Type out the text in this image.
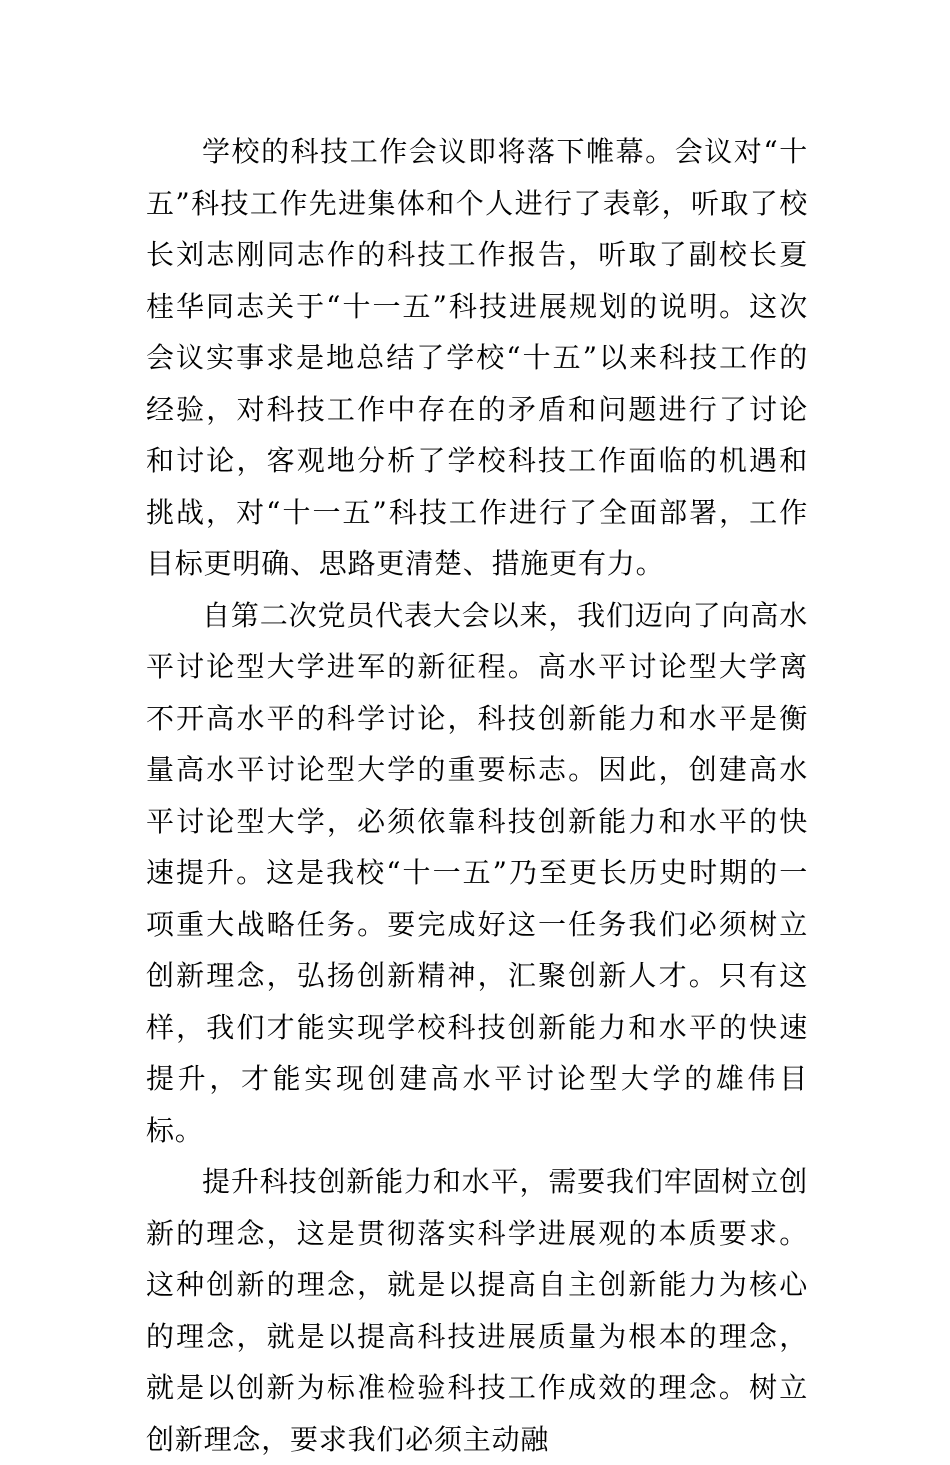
学校的科技工作会议即将落下帷幕。会议对“十五”科技工作先进集体和个人进行了表彰，听取了校长刘志刚同志作的科技工作报告，听取了副校长夏桂华同志关于“十一五”科技进展规划的说明。这次会议实事求是地总结了学校“十五”以来科技工作的经验，对科技工作中存在的矛盾和问题进行了讨论和讨论，客观地分析了学校科技工作面临的机遇和挑战，对“十一五”科技工作进行了全面部署，工作目标更明确、思路更清楚、措施更有力。

自第二次党员代表大会以来，我们迈向了向高水平讨论型大学进军的新征程。高水平讨论型大学离不开高水平的科学讨论，科技创新能力和水平是衡量高水平讨论型大学的重要标志。因此，创建高水平讨论型大学，必须依靠科技创新能力和水平的快速提升。这是我校“十一五”乃至更长历史时期的一项重大战略任务。要完成好这一任务我们必须树立创新理念，弘扬创新精神，汇聚创新人才。只有这样，我们才能实现学校科技创新能力和水平的快速提升，才能实现创建高水平讨论型大学的雄伟目标。

提升科技创新能力和水平，需要我们牢固树立创新的理念，这是贯彻落实科学进展观的本质要求。这种创新的理念，就是以提高自主创新能力为核心的理念，就是以提高科技进展质量为根本的理念，就是以创新为标准检验科技工作成效的理念。树立创新理念，要求我们必须主动融
